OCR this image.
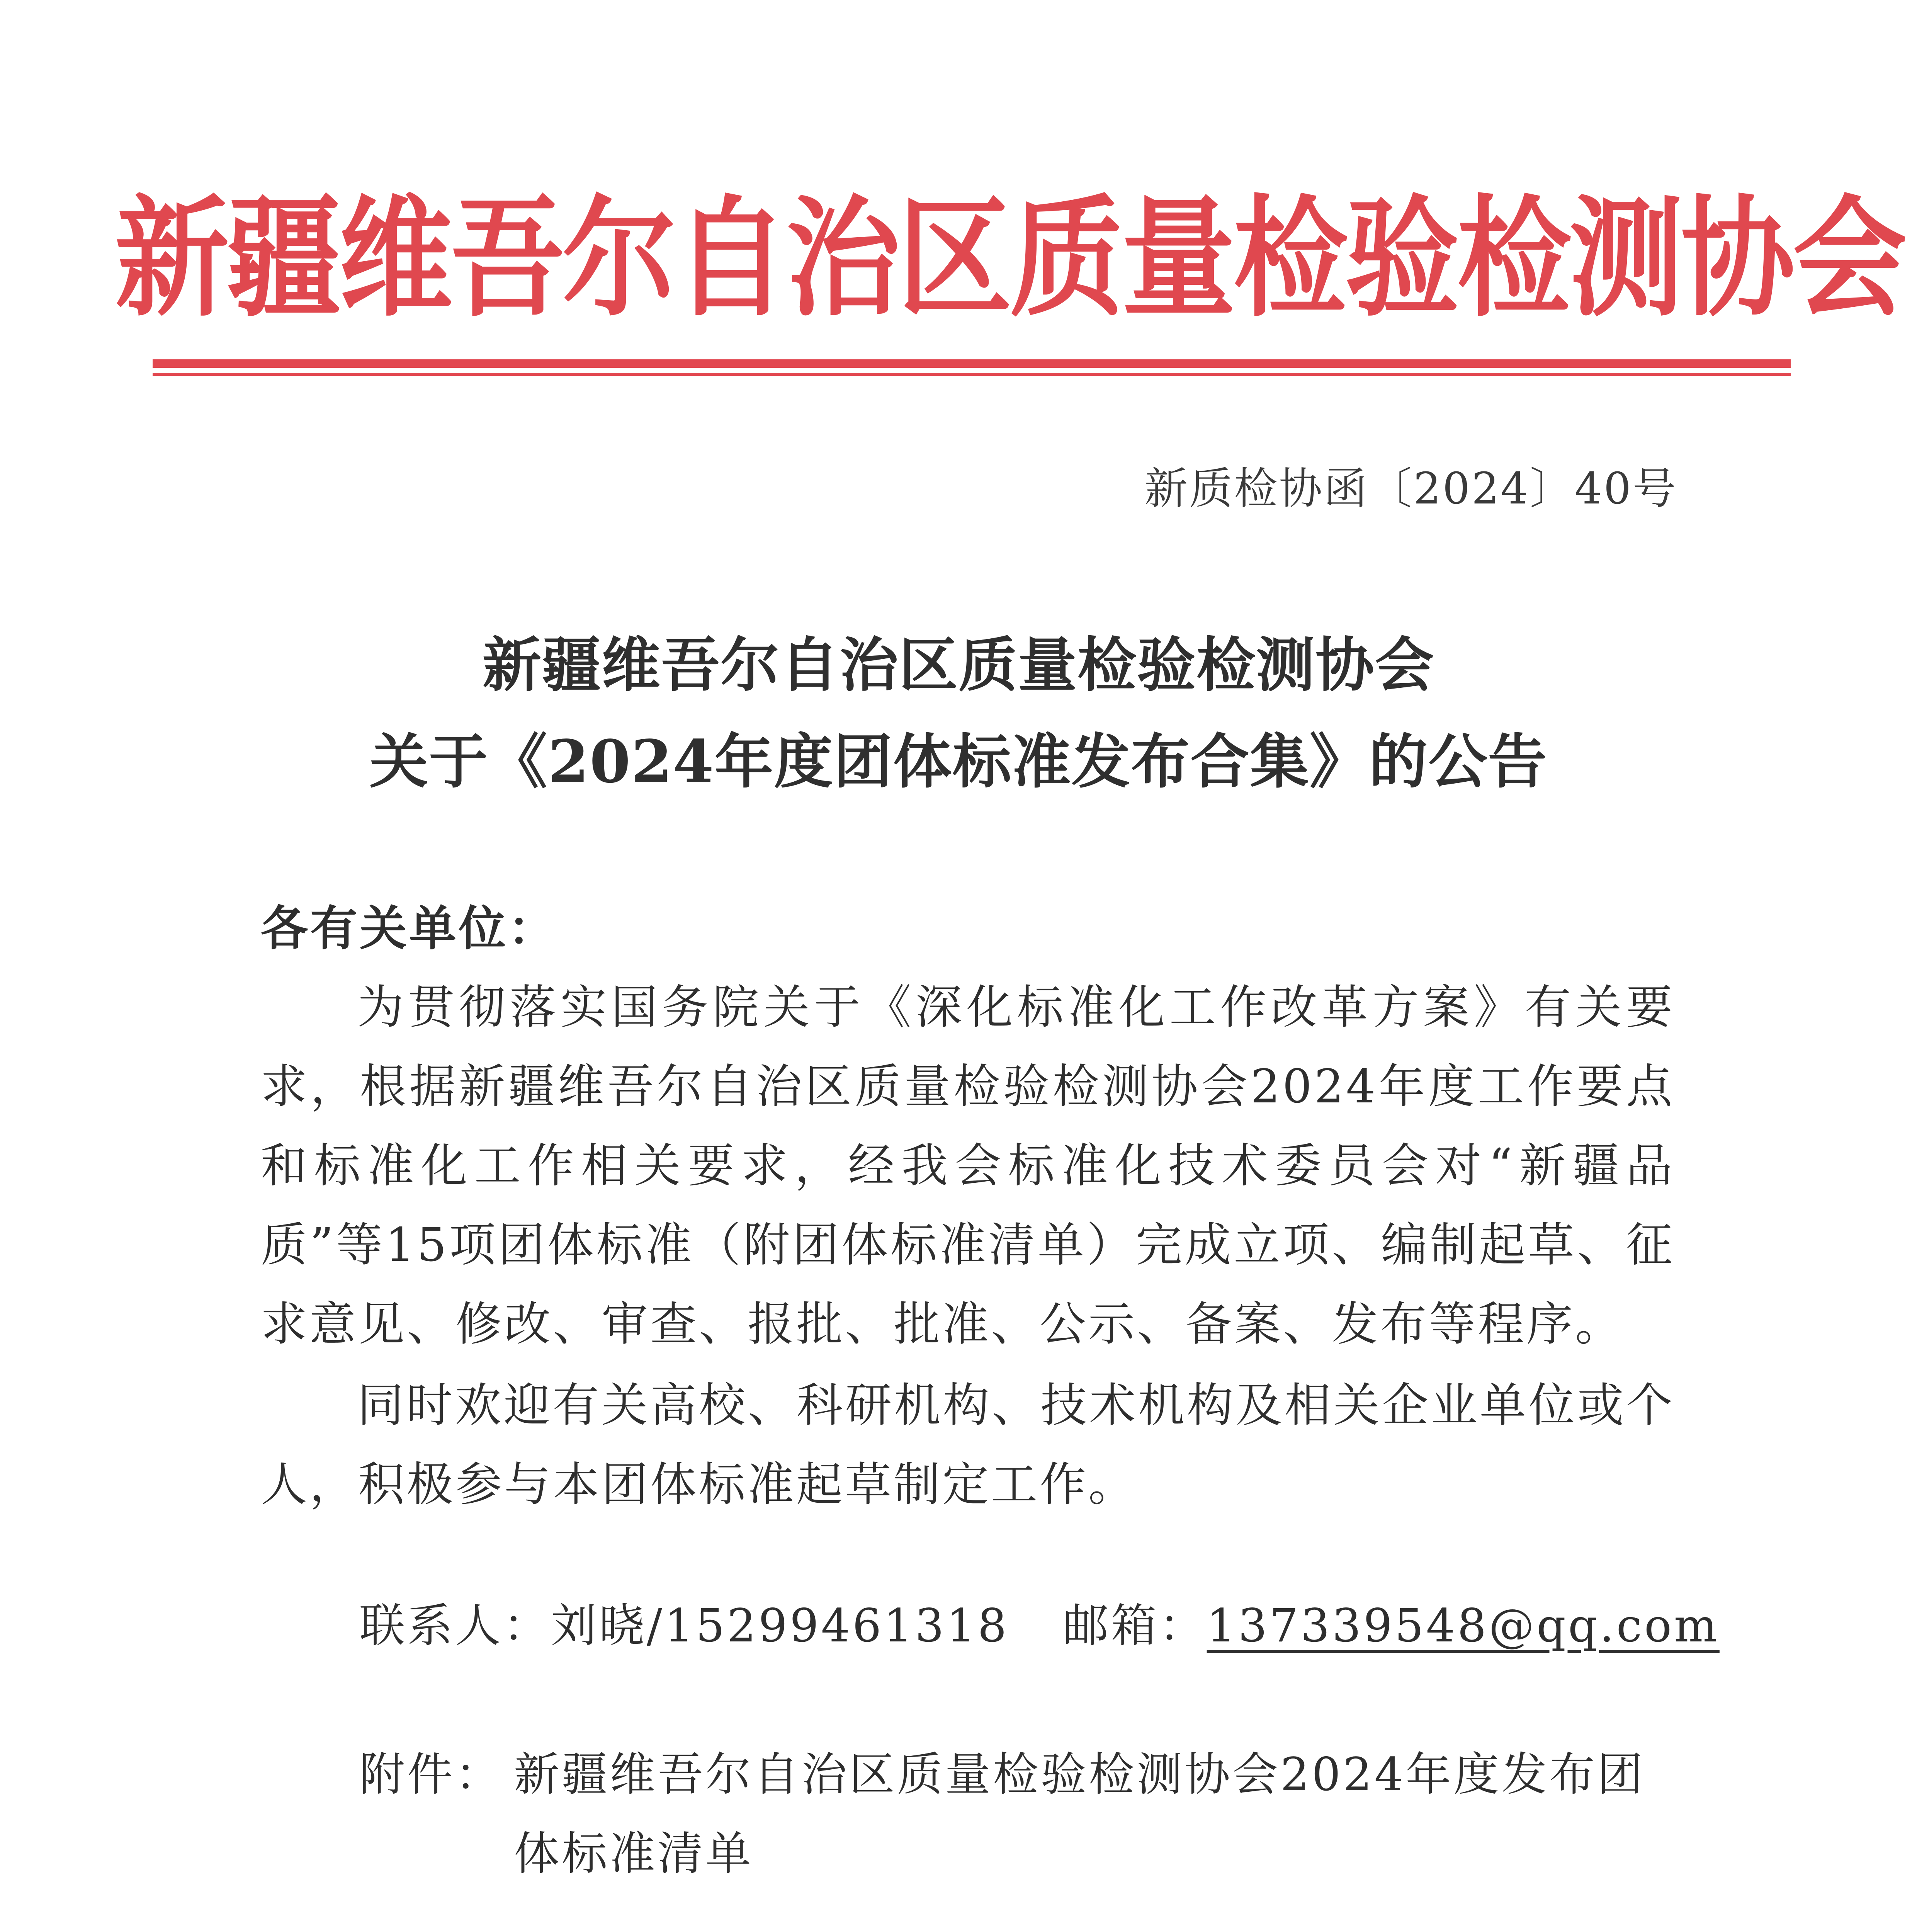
新疆维吾尔自治区质量检验检测协会
新质检协函〔2024〕40号
新疆维吾尔自治区质量检验检测协会
关于《2024年度团体标准发布合集》的公告
各有关单位：
为贯彻落实国务院关于《深化标准化工作改革方案》有关要求，根据新疆维吾尔自治区质量检验检测协会2024年度工作要点和标准化工作相关要求，经我会标准化技术委员会对“新疆品质”等15项团体标准（附团体标准清单）完成立项、编制起草、征求意见、修改、审查、报批、批准、公示、备案、发布等程序。
同时欢迎有关高校、科研机构、技术机构及相关企业单位或个人，积极参与本团体标准起草制定工作。
联系人：刘晓/15299461318 邮箱：137339548@qq.com
附件： 新疆维吾尔自治区质量检验检测协会2024年度发布团体标准清单
